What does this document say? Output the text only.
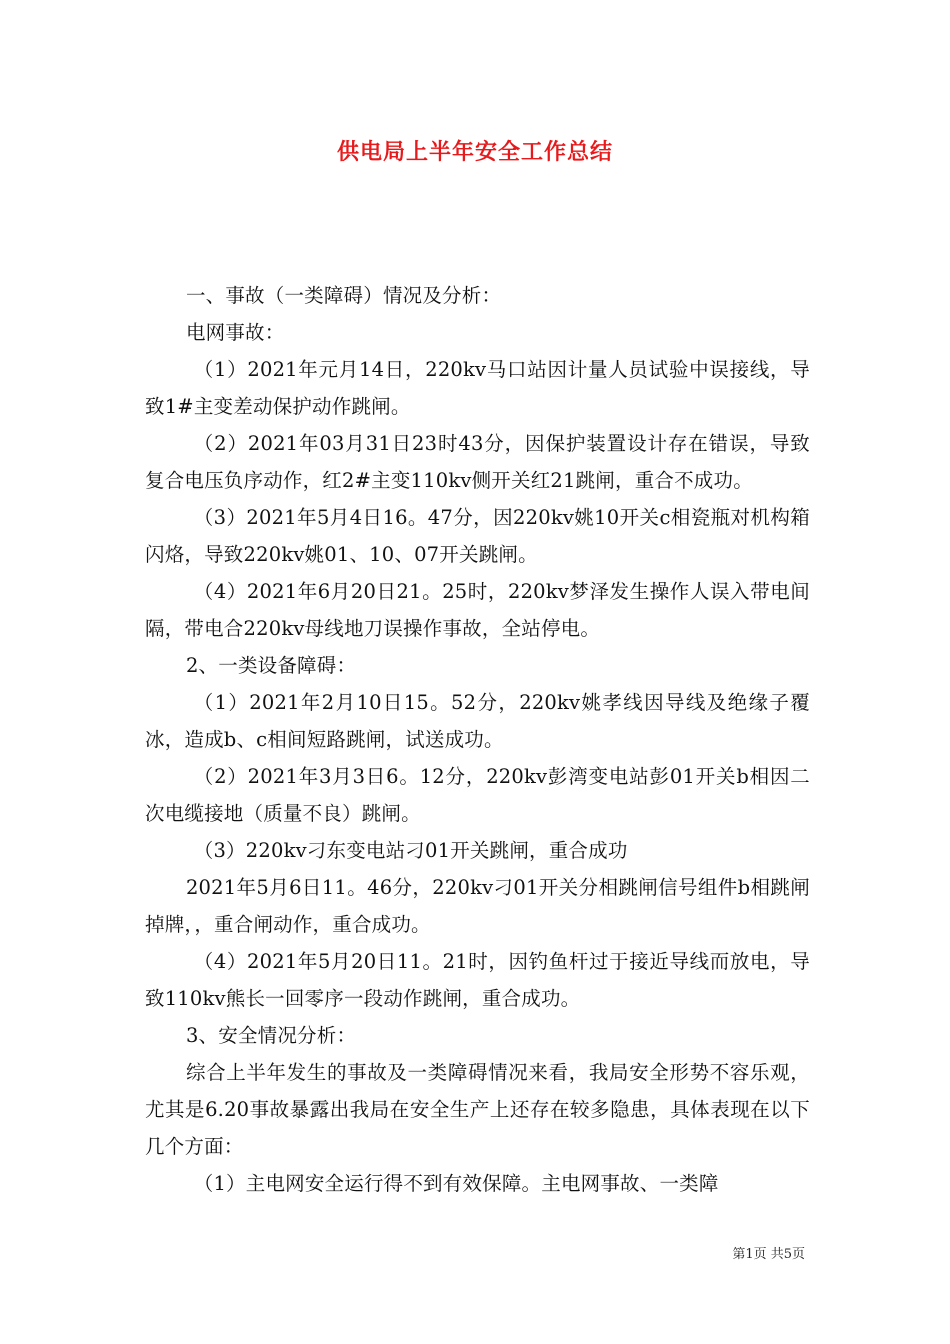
供电局上半年安全工作总结

一、事故（一类障碍）情况及分析：

电网事故：

（1）2021年元月14日，220kv马口站因计量人员试验中误接线，导致1#主变差动保护动作跳闸。

（2）2021年03月31日23时43分，因保护装置设计存在错误，导致复合电压负序动作，红2#主变110kv侧开关红21跳闸，重合不成功。

（3）2021年5月4日16。47分，因220kv姚10开关c相瓷瓶对机构箱闪烙，导致220kv姚01、10、07开关跳闸。

（4）2021年6月20日21。25时，220kv梦泽发生操作人误入带电间隔，带电合220kv母线地刀误操作事故，全站停电。

2、一类设备障碍：

（1）2021年2月10日15。52分，220kv姚孝线因导线及绝缘子覆冰，造成b、c相间短路跳闸，试送成功。

（2）2021年3月3日6。12分，220kv彭湾变电站彭01开关b相因二次电缆接地（质量不良）跳闸。

（3）220kv刁东变电站刁01开关跳闸，重合成功

2021年5月6日11。46分，220kv刁01开关分相跳闸信号组件b相跳闸掉牌，，重合闸动作，重合成功。

（4）2021年5月20日11。21时，因钓鱼杆过于接近导线而放电，导致110kv熊长一回零序一段动作跳闸，重合成功。

3、安全情况分析：

综合上半年发生的事故及一类障碍情况来看，我局安全形势不容乐观，尤其是6.20事故暴露出我局在安全生产上还存在较多隐患，具体表现在以下几个方面：

（1）主电网安全运行得不到有效保障。主电网事故、一类障

第1页 共5页
